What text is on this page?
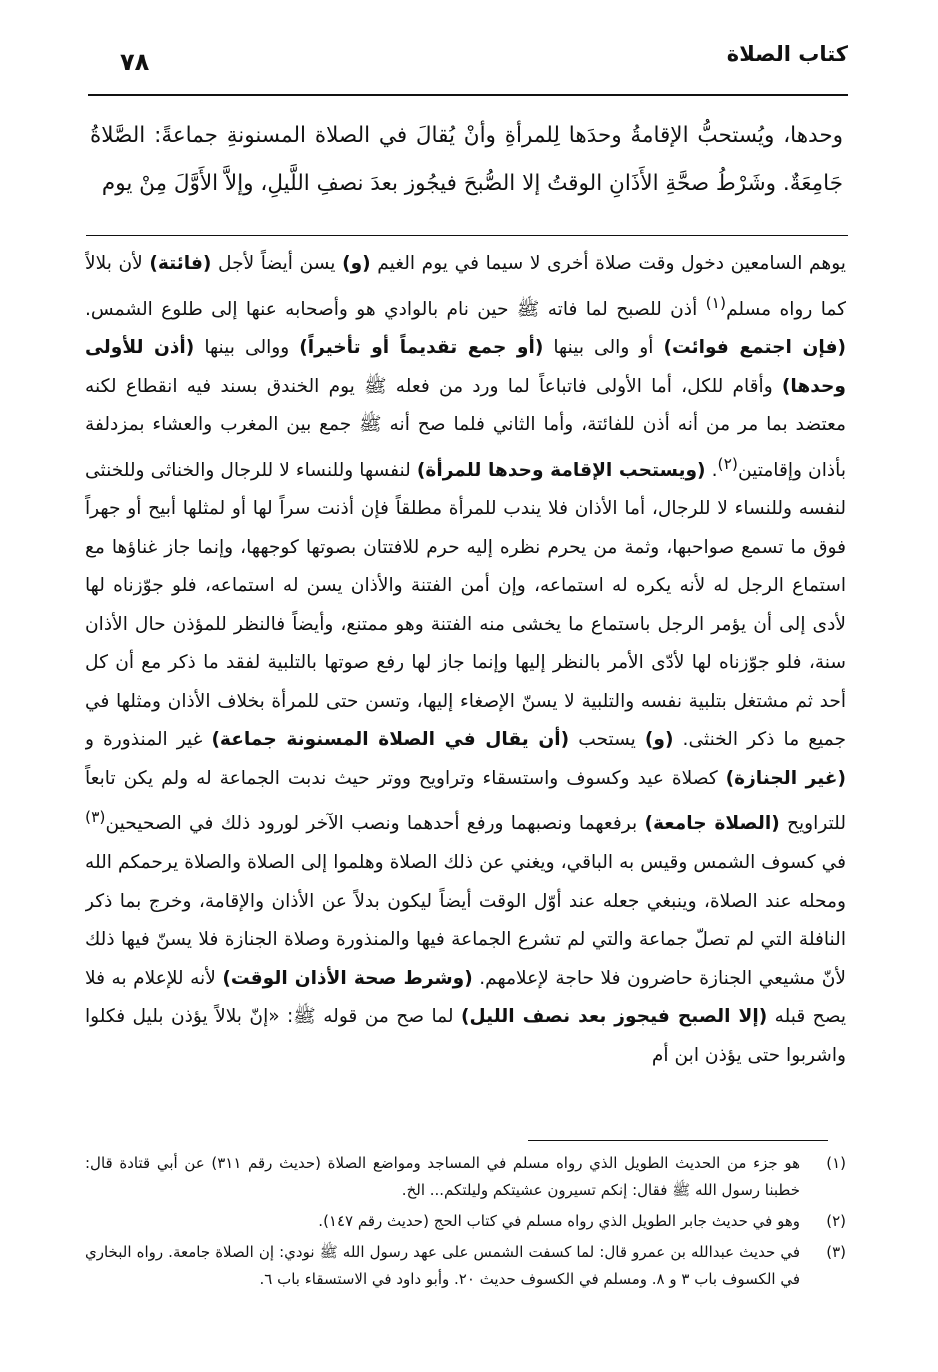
كتاب الصلاة
٧٨
وحدها، ويُستحبُّ الإقامةُ وحدَها لِلمرأةِ وأنْ يُقالَ في الصلاة المسنونةِ جماعةً: الصَّلاةُ جَامِعَةٌ. وشَرْطُ صحَّةِ الأَذَانِ الوقتُ إلا الصُّبحَ فيجُوز بعدَ نصفِ اللَّيلِ، وإلاَّ الأَوَّلَ مِنْ يوم

يوهم السامعين دخول وقت صلاة أخرى لا سيما في يوم الغيم (و) يسن أيضاً لأجل (فائتة) لأن بلالاً كما رواه مسلم$^{(١)}$ أذن للصبح لما فاته ﷺ حين نام بالوادي هو وأصحابه عنها إلى طلوع الشمس. (فإن اجتمع فوائت) أو والى بينها (أو جمع تقديماً أو تأخيراً) ووالى بينها (أذن للأولى وحدها) وأقام للكل، أما الأولى فاتباعاً لما ورد من فعله ﷺ يوم الخندق بسند فيه انقطاع لكنه معتضد بما مر من أنه أذن للفائتة، وأما الثاني فلما صح أنه ﷺ جمع بين المغرب والعشاء بمزدلفة بأذان وإقامتين$^{(٢)}$. (ويستحب الإقامة وحدها للمرأة) لنفسها وللنساء لا للرجال والخناثى وللخنثى لنفسه وللنساء لا للرجال، أما الأذان فلا يندب للمرأة مطلقاً فإن أذنت سراً لها أو لمثلها أبيح أو جهراً فوق ما تسمع صواحبها، وثمة من يحرم نظره إليه حرم للافتتان بصوتها كوجهها، وإنما جاز غناؤها مع استماع الرجل له لأنه يكره له استماعه، وإن أمن الفتنة والأذان يسن له استماعه، فلو جوّزناه لها لأدى إلى أن يؤمر الرجل باستماع ما يخشى منه الفتنة وهو ممتنع، وأيضاً فالنظر للمؤذن حال الأذان سنة، فلو جوّزناه لها لأدّى الأمر بالنظر إليها وإنما جاز لها رفع صوتها بالتلبية لفقد ما ذكر مع أن كل أحد ثم مشتغل بتلبية نفسه والتلبية لا يسنّ الإصغاء إليها، وتسن حتى للمرأة بخلاف الأذان ومثلها في جميع ما ذكر الخنثى. (و) يستحب (أن يقال في الصلاة المسنونة جماعة) غير المنذورة و (غير الجنازة) كصلاة عيد وكسوف واستسقاء وتراويح ووتر حيث ندبت الجماعة له ولم يكن تابعاً للتراويح (الصلاة جامعة) برفعهما ونصبهما ورفع أحدهما ونصب الآخر لورود ذلك في الصحيحين$^{(٣)}$ في كسوف الشمس وقيس به الباقي، ويغني عن ذلك الصلاة وهلموا إلى الصلاة والصلاة يرحمكم الله ومحله عند الصلاة، وينبغي جعله عند أوّل الوقت أيضاً ليكون بدلاً عن الأذان والإقامة، وخرج بما ذكر النافلة التي لم تصلّ جماعة والتي لم تشرع الجماعة فيها والمنذورة وصلاة الجنازة فلا يسنّ فيها ذلك لأنّ مشيعي الجنازة حاضرون فلا حاجة لإعلامهم. (وشرط صحة الأذان الوقت) لأنه للإعلام به فلا يصح قبله (إلا الصبح فيجوز بعد نصف الليل) لما صح من قوله ﷺ: «إنّ بلالاً يؤذن بليل فكلوا واشربوا حتى يؤذن ابن أم

(١)
هو جزء من الحديث الطويل الذي رواه مسلم في المساجد ومواضع الصلاة (حديث رقم ٣١١) عن أبي قتادة قال: خطبنا رسول الله ﷺ فقال: إنكم تسيرون عشيتكم وليلتكم... الخ.
(٢)
وهو في حديث جابر الطويل الذي رواه مسلم في كتاب الحج (حديث رقم ١٤٧).
(٣)
في حديث عبدالله بن عمرو قال: لما كسفت الشمس على عهد رسول الله ﷺ نودي: إن الصلاة جامعة. رواه البخاري في الكسوف باب ٣ و ٨. ومسلم في الكسوف حديث ٢٠. وأبو داود في الاستسقاء باب ٦.
